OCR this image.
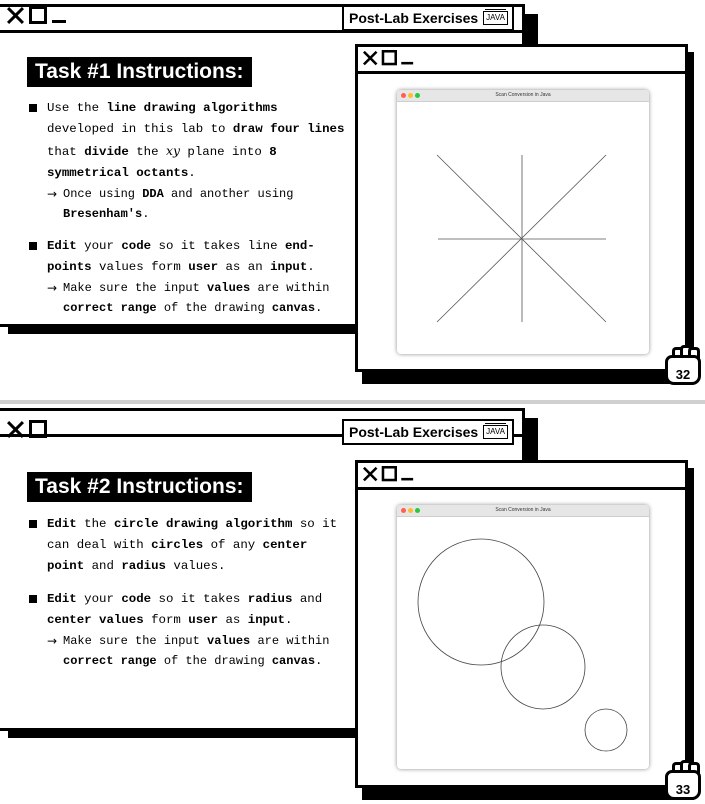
Post-Lab Exercises	JAVA
Task #1 Instructions:
Use the line drawing algorithms developed in this lab to draw four lines that divide the xy plane into 8 symmetrical octants.
→ Once using DDA and another using Bresenham's.
Edit your code so it takes line end-points values form user as an input.
→ Make sure the input values are within correct range of the drawing canvas.
Scan Conversion in Java
32
Post-Lab Exercises	JAVA
Task #2 Instructions:
Edit the circle drawing algorithm so it can deal with circles of any center point and radius values.
Edit your code so it takes radius and center values form user as input.
→ Make sure the input values are within correct range of the drawing canvas.
Scan Conversion in Java
33
